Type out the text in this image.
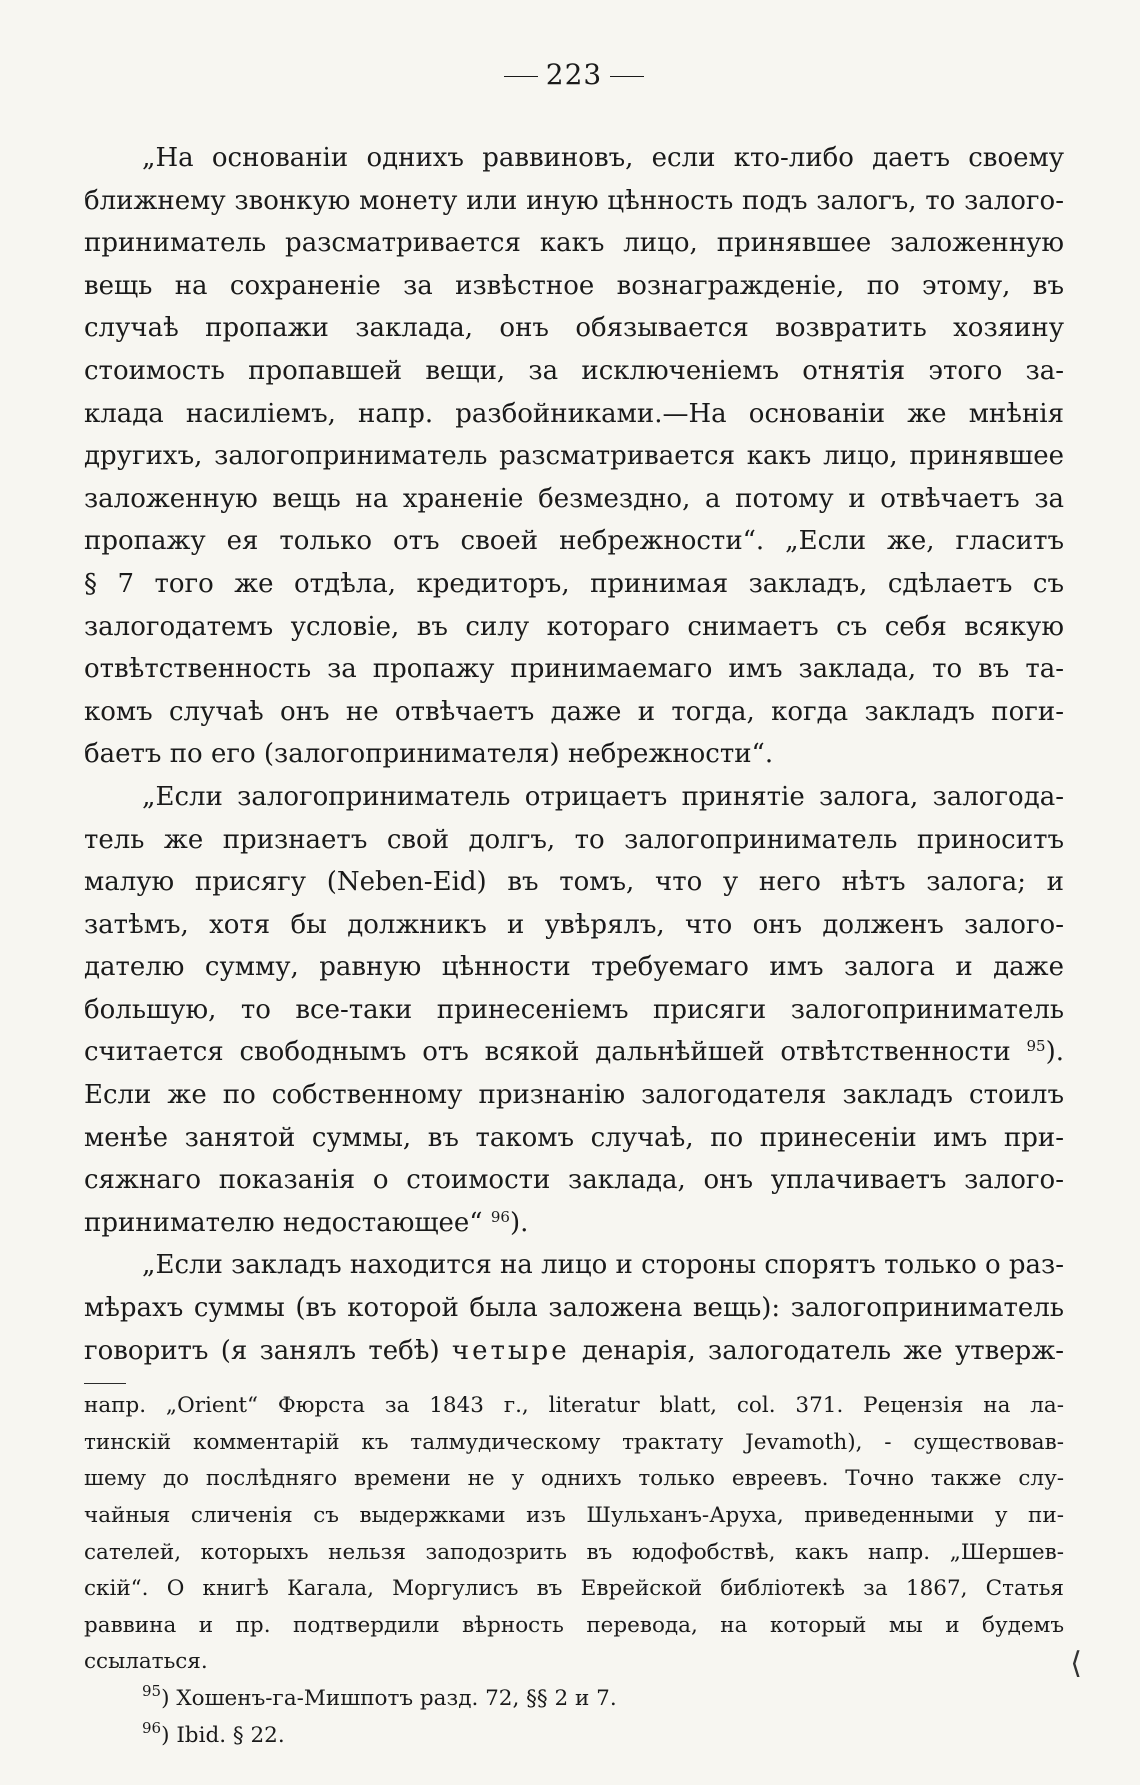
223
„На основаніи однихъ раввиновъ, если кто-либо даетъ своему
ближнему звонкую монету или иную цѣнность подъ залогъ, то залого-
приниматель разсматривается какъ лицо, принявшее заложенную
вещь на сохраненіе за извѣстное вознагражденіе, по этому, въ
случаѣ пропажи заклада, онъ обязывается возвратить хозяину
стоимость пропавшей вещи, за исключеніемъ отнятія этого за-
клада насиліемъ, напр. разбойниками.—На основаніи же мнѣнія
другихъ, залогоприниматель разсматривается какъ лицо, принявшее
заложенную вещь на храненіе безмездно, а потому и отвѣчаетъ за
пропажу ея только отъ своей небрежности“. „Если же, гласитъ
§ 7 того же отдѣла, кредиторъ, принимая закладъ, сдѣлаетъ съ
залогодатемъ условіе, въ силу котораго снимаетъ съ себя всякую
отвѣтственность за пропажу принимаемаго имъ заклада, то въ та-
комъ случаѣ онъ не отвѣчаетъ даже и тогда, когда закладъ поги-
баетъ по его (залогопринимателя) небрежности“.
„Если залогоприниматель отрицаетъ принятіе залога, залогода-
тель же признаетъ свой долгъ, то залогоприниматель приноситъ
малую присягу (Neben-Eid) въ томъ, что у него нѣтъ залога; и
затѣмъ, хотя бы должникъ и увѣрялъ, что онъ долженъ залого-
дателю сумму, равную цѣнности требуемаго имъ залога и даже
большую, то все-таки принесеніемъ присяги залогоприниматель
считается свободнымъ отъ всякой дальнѣйшей отвѣтственности $^{95}$).
Если же по собственному признанію залогодателя закладъ стоилъ
менѣе занятой суммы, въ такомъ случаѣ, по принесеніи имъ при-
сяжнаго показанія о стоимости заклада, онъ уплачиваетъ залого-
принимателю недостающее“ $^{96}$).
„Если закладъ находится на лицо и стороны спорятъ только о раз-
мѣрахъ суммы (въ которой была заложена вещь): залогоприниматель
говоритъ (я занялъ тебѣ) четыре денарія, залогодатель же утверж-
напр. „Orient“ Фюрста за 1843 г., literatur blatt, col. 371. Рецензія на ла-
тинскій комментарій къ талмудическому трактату Jevamoth), - существовав-
шему до послѣдняго времени не у однихъ только евреевъ. Точно также слу-
чайныя сличенія съ выдержками изъ Шульханъ-Аруха, приведенными у пи-
сателей, которыхъ нельзя заподозрить въ юдофобствѣ, какъ напр. „Шершев-
скій“. О книгѣ Кагала, Моргулисъ въ Еврейской библіотекѣ за 1867, Статья
раввина и пр. подтвердили вѣрность перевода, на который мы и будемъ
ссылаться.
$^{95}$) Хошенъ-га-Мишпотъ разд. 72, §§ 2 и 7.
$^{96}$) Ibid. § 22.
⟨
